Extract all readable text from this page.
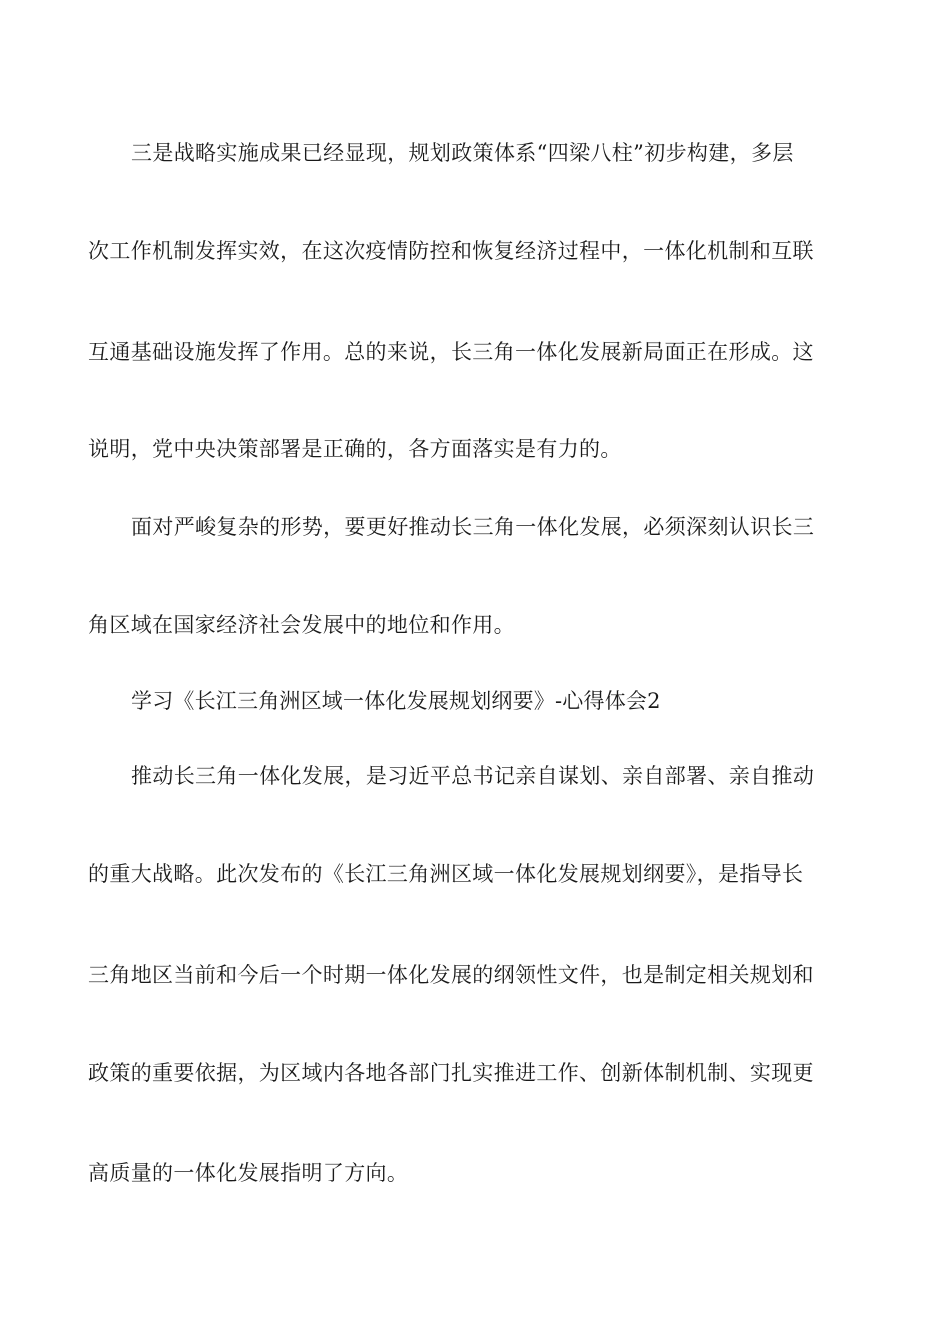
三是战略实施成果已经显现，规划政策体系“四梁八柱”初步构建，多层
次工作机制发挥实效，在这次疫情防控和恢复经济过程中，一体化机制和互联
互通基础设施发挥了作用。总的来说，长三角一体化发展新局面正在形成。这
说明，党中央决策部署是正确的，各方面落实是有力的。
面对严峻复杂的形势，要更好推动长三角一体化发展，必须深刻认识长三
角区域在国家经济社会发展中的地位和作用。
学习《长江三角洲区域一体化发展规划纲要》-心得体会2
推动长三角一体化发展，是习近平总书记亲自谋划、亲自部署、亲自推动
的重大战略。此次发布的《长江三角洲区域一体化发展规划纲要》，是指导长
三角地区当前和今后一个时期一体化发展的纲领性文件，也是制定相关规划和
政策的重要依据，为区域内各地各部门扎实推进工作、创新体制机制、实现更
高质量的一体化发展指明了方向。
